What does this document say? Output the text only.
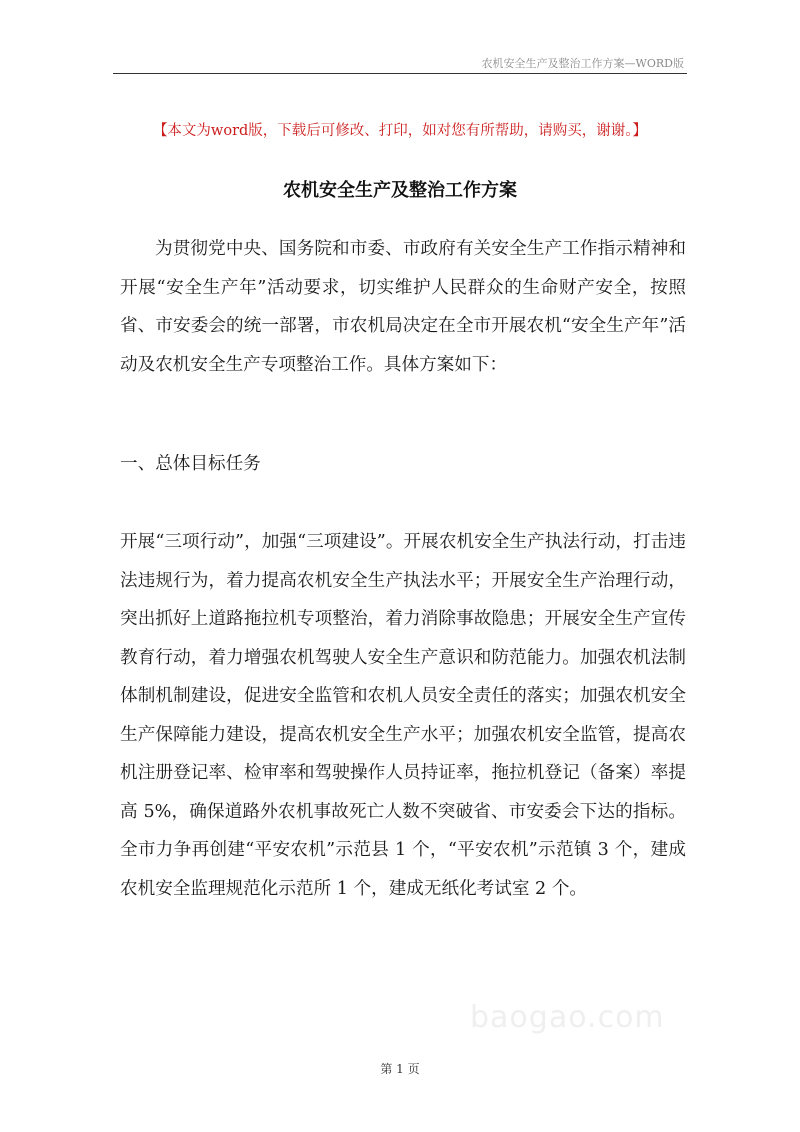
农机安全生产及整治工作方案—WORD版
【本文为word版，下载后可修改、打印，如对您有所帮助，请购买，谢谢。】
农机安全生产及整治工作方案

为贯彻党中央、国务院和市委、市政府有关安全生产工作指示精神和开展“安全生产年”活动要求，切实维护人民群众的生命财产安全，按照省、市安委会的统一部署，市农机局决定在全市开展农机“安全生产年”活动及农机安全生产专项整治工作。具体方案如下：

一、总体目标任务

开展“三项行动”，加强“三项建设”。开展农机安全生产执法行动，打击违法违规行为，着力提高农机安全生产执法水平；开展安全生产治理行动，突出抓好上道路拖拉机专项整治，着力消除事故隐患；开展安全生产宣传教育行动，着力增强农机驾驶人安全生产意识和防范能力。加强农机法制体制机制建设，促进安全监管和农机人员安全责任的落实；加强农机安全生产保障能力建设，提高农机安全生产水平；加强农机安全监管，提高农机注册登记率、检审率和驾驶操作人员持证率，拖拉机登记（备案）率提高 5%，确保道路外农机事故死亡人数不突破省、市安委会下达的指标。全市力争再创建“平安农机”示范县 1 个，“平安农机”示范镇 3 个，建成农机安全监理规范化示范所 1 个，建成无纸化考试室 2 个。

baogao.com
第 1 页
